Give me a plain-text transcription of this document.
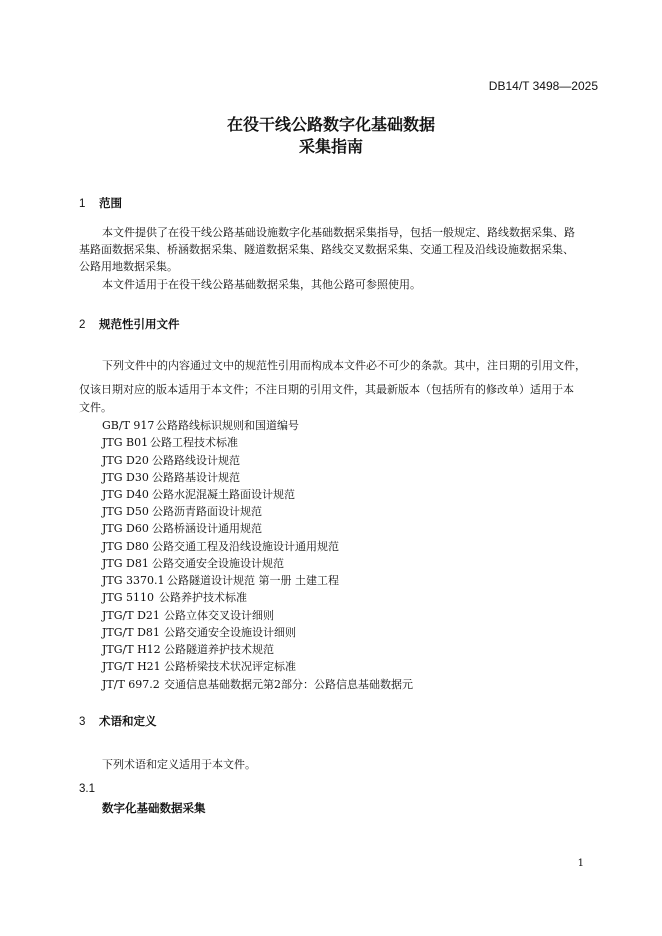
DB14/T 3498—2025
在役干线公路数字化基础数据
采集指南
1 范围
本文件提供了在役干线公路基础设施数字化基础数据采集指导，包括一般规定、路线数据采集、路
基路面数据采集、桥涵数据采集、隧道数据采集、路线交叉数据采集、交通工程及沿线设施数据采集、
公路用地数据采集。
本文件适用于在役干线公路基础数据采集，其他公路可参照使用。
2 规范性引用文件
下列文件中的内容通过文中的规范性引用而构成本文件必不可少的条款。其中，注日期的引用文件，
仅该日期对应的版本适用于本文件；不注日期的引用文件，其最新版本（包括所有的修改单）适用于本
文件。
GB/T 917 公路路线标识规则和国道编号
JTG B01 公路工程技术标准
JTG D20 公路路线设计规范
JTG D30 公路路基设计规范
JTG D40 公路水泥混凝土路面设计规范
JTG D50 公路沥青路面设计规范
JTG D60 公路桥涵设计通用规范
JTG D80 公路交通工程及沿线设施设计通用规范
JTG D81 公路交通安全设施设计规范
JTG 3370.1 公路隧道设计规范 第一册 土建工程
JTG 5110 公路养护技术标准
JTG/T D21 公路立体交叉设计细则
JTG/T D81 公路交通安全设施设计细则
JTG/T H12 公路隧道养护技术规范
JTG/T H21 公路桥梁技术状况评定标准
JT/T 697.2 交通信息基础数据元第2部分：公路信息基础数据元
3 术语和定义
下列术语和定义适用于本文件。
3.1
数字化基础数据采集
1
